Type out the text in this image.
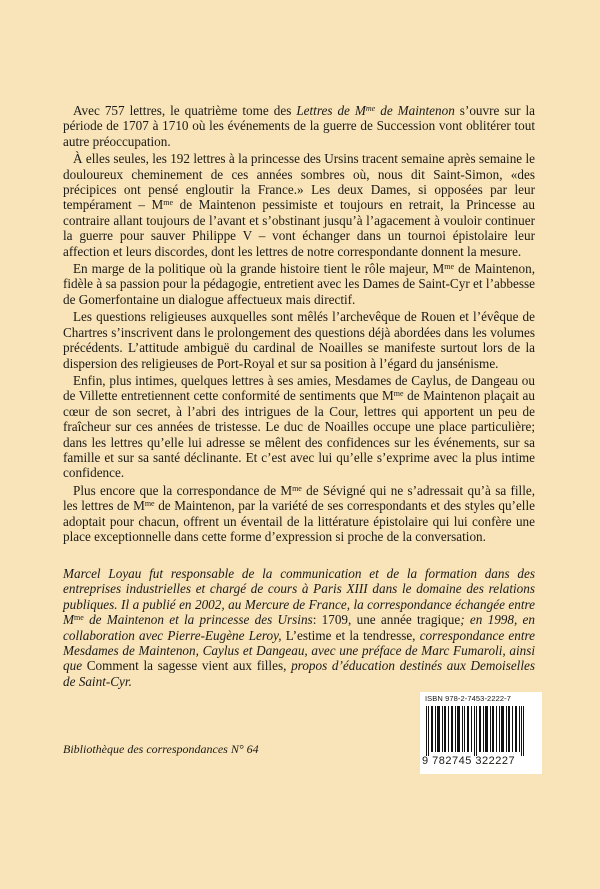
Avec 757 lettres, le quatrième tome des Lettres de $M^{me}$ de Maintenon s’ouvre sur la période de 1707 à 1710 où les événements de la guerre de Succession vont oblitérer tout autre préoccupation.

À elles seules, les 192 lettres à la princesse des Ursins tracent semaine après semaine le douloureux cheminement de ces années sombres où, nous dit Saint-Simon, «des précipices ont pensé engloutir la France.» Les deux Dames, si opposées par leur tempérament – $M^{me}$ de Maintenon pessimiste et toujours en retrait, la Princesse au contraire allant toujours de l’avant et s’obstinant jusqu’à l’agacement à vouloir continuer la guerre pour sauver Philippe V – vont échanger dans un tournoi épistolaire leur affection et leurs discordes, dont les lettres de notre correspondante donnent la mesure.

En marge de la politique où la grande histoire tient le rôle majeur, $M^{me}$ de Maintenon, fidèle à sa passion pour la pédagogie, entretient avec les Dames de Saint-Cyr et l’abbesse de Gomerfontaine un dialogue affectueux mais directif.

Les questions religieuses auxquelles sont mêlés l’archevêque de Rouen et l’évêque de Chartres s’inscrivent dans le prolongement des questions déjà abordées dans les volumes précédents. L’attitude ambiguë du cardinal de Noailles se manifeste surtout lors de la dispersion des religieuses de Port-Royal et sur sa position à l’égard du jansénisme.

Enfin, plus intimes, quelques lettres à ses amies, Mesdames de Caylus, de Dangeau ou de Villette entretiennent cette conformité de sentiments que $M^{me}$ de Maintenon plaçait au cœur de son secret, à l’abri des intrigues de la Cour, lettres qui apportent un peu de fraîcheur sur ces années de tristesse. Le duc de Noailles occupe une place particulière; dans les lettres qu’elle lui adresse se mêlent des confidences sur les événements, sur sa famille et sur sa santé déclinante. Et c’est avec lui qu’elle s’exprime avec la plus intime confidence.

Plus encore que la correspondance de $M^{me}$ de Sévigné qui ne s’adressait qu’à sa fille, les lettres de $M^{me}$ de Maintenon, par la variété de ses correspondants et des styles qu’elle adoptait pour chacun, offrent un éventail de la littérature épistolaire qui lui confère une place exceptionnelle dans cette forme d’expression si proche de la conversation.

Marcel Loyau fut responsable de la communication et de la formation dans des entreprises industrielles et chargé de cours à Paris XIII dans le domaine des relations publiques. Il a publié en 2002, au Mercure de France, la correspondance échangée entre $M^{me}$ de Maintenon et la princesse des Ursins: 1709, une année tragique; en 1998, en collaboration avec Pierre-Eugène Leroy, L’estime et la tendresse, correspondance entre Mesdames de Maintenon, Caylus et Dangeau, avec une préface de Marc Fumaroli, ainsi que Comment la sagesse vient aux filles, propos d’éducation destinés aux Demoiselles de Saint-Cyr.

Bibliothèque des correspondances N° 64
ISBN 978-2-7453-2222-7
9 782745 322227
